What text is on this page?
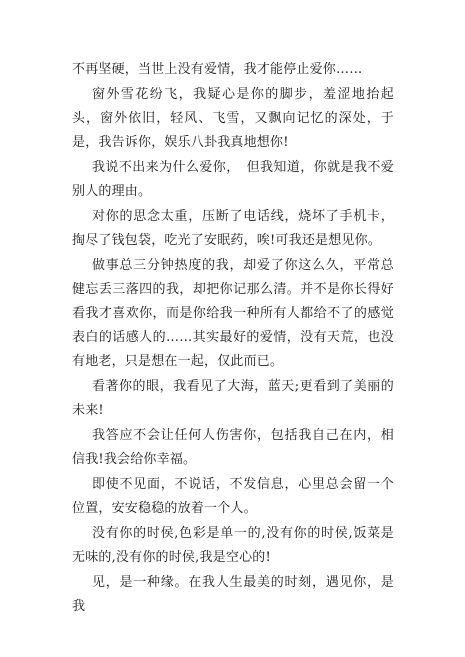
不再坚硬，当世上没有爱情，我才能停止爱你……

窗外雪花纷飞，我疑心是你的脚步，羞涩地抬起头，窗外依旧，轻风、飞雪，又飘向记忆的深处，于是，我告诉你，娱乐八卦我真地想你!

我说不出来为什么爱你，　但我知道，你就是我不爱别人的理由。

对你的思念太重，压断了电话线，烧坏了手机卡，掏尽了钱包袋，吃光了安眠药，唉!可我还是想见你。

做事总三分钟热度的我，却爱了你这么久，平常总健忘丢三落四的我，却把你记那么清。并不是你长得好看我才喜欢你，而是你给我一种所有人都给不了的感觉表白的话感人的……其实最好的爱情，没有天荒，也没有地老，只是想在一起，仅此而已。

看著你的眼，我看见了大海，蓝天;更看到了美丽的未来!

我答应不会让任何人伤害你，包括我自己在内，相信我!我会给你幸福。

即使不见面，不说话，不发信息，心里总会留一个位置，安安稳稳的放着一个人。

没有你的时侯,色彩是单一的,没有你的时侯,饭菜是无味的,没有你的时侯,我是空心的!

见，是一种缘。在我人生最美的时刻，遇见你，是我
